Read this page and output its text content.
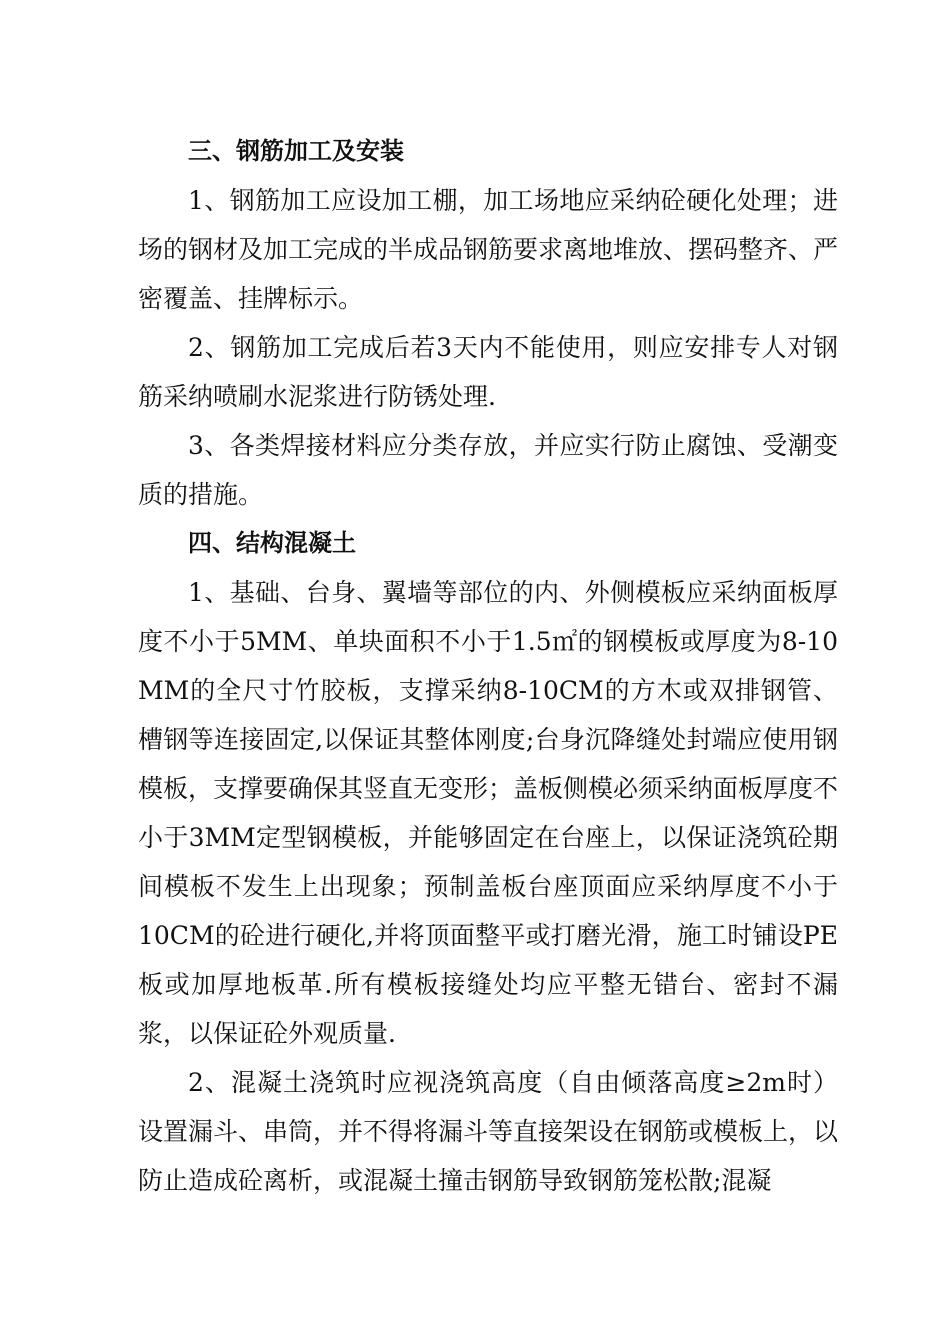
三、钢筋加工及安装

1、钢筋加工应设加工棚，加工场地应采纳砼硬化处理；进场的钢材及加工完成的半成品钢筋要求离地堆放、摆码整齐、严密覆盖、挂牌标示。

2、钢筋加工完成后若3天内不能使用，则应安排专人对钢筋采纳喷刷水泥浆进行防锈处理.

3、各类焊接材料应分类存放，并应实行防止腐蚀、受潮变质的措施。

四、结构混凝土

1、基础、台身、翼墙等部位的内、外侧模板应采纳面板厚度不小于5MM、单块面积不小于1.5㎡的钢模板或厚度为8-10 MM的全尺寸竹胶板，支撑采纳8-10CM的方木或双排钢管、槽钢等连接固定,以保证其整体刚度;台身沉降缝处封端应使用钢模板，支撑要确保其竖直无变形；盖板侧模必须采纳面板厚度不小于3MM定型钢模板，并能够固定在台座上，以保证浇筑砼期间模板不发生上出现象；预制盖板台座顶面应采纳厚度不小于10CM的砼进行硬化,并将顶面整平或打磨光滑，施工时铺设PE板或加厚地板革.所有模板接缝处均应平整无错台、密封不漏浆，以保证砼外观质量.

2、混凝土浇筑时应视浇筑高度（自由倾落高度≥2m时）设置漏斗、串筒，并不得将漏斗等直接架设在钢筋或模板上，以防止造成砼离析，或混凝土撞击钢筋导致钢筋笼松散;混凝
